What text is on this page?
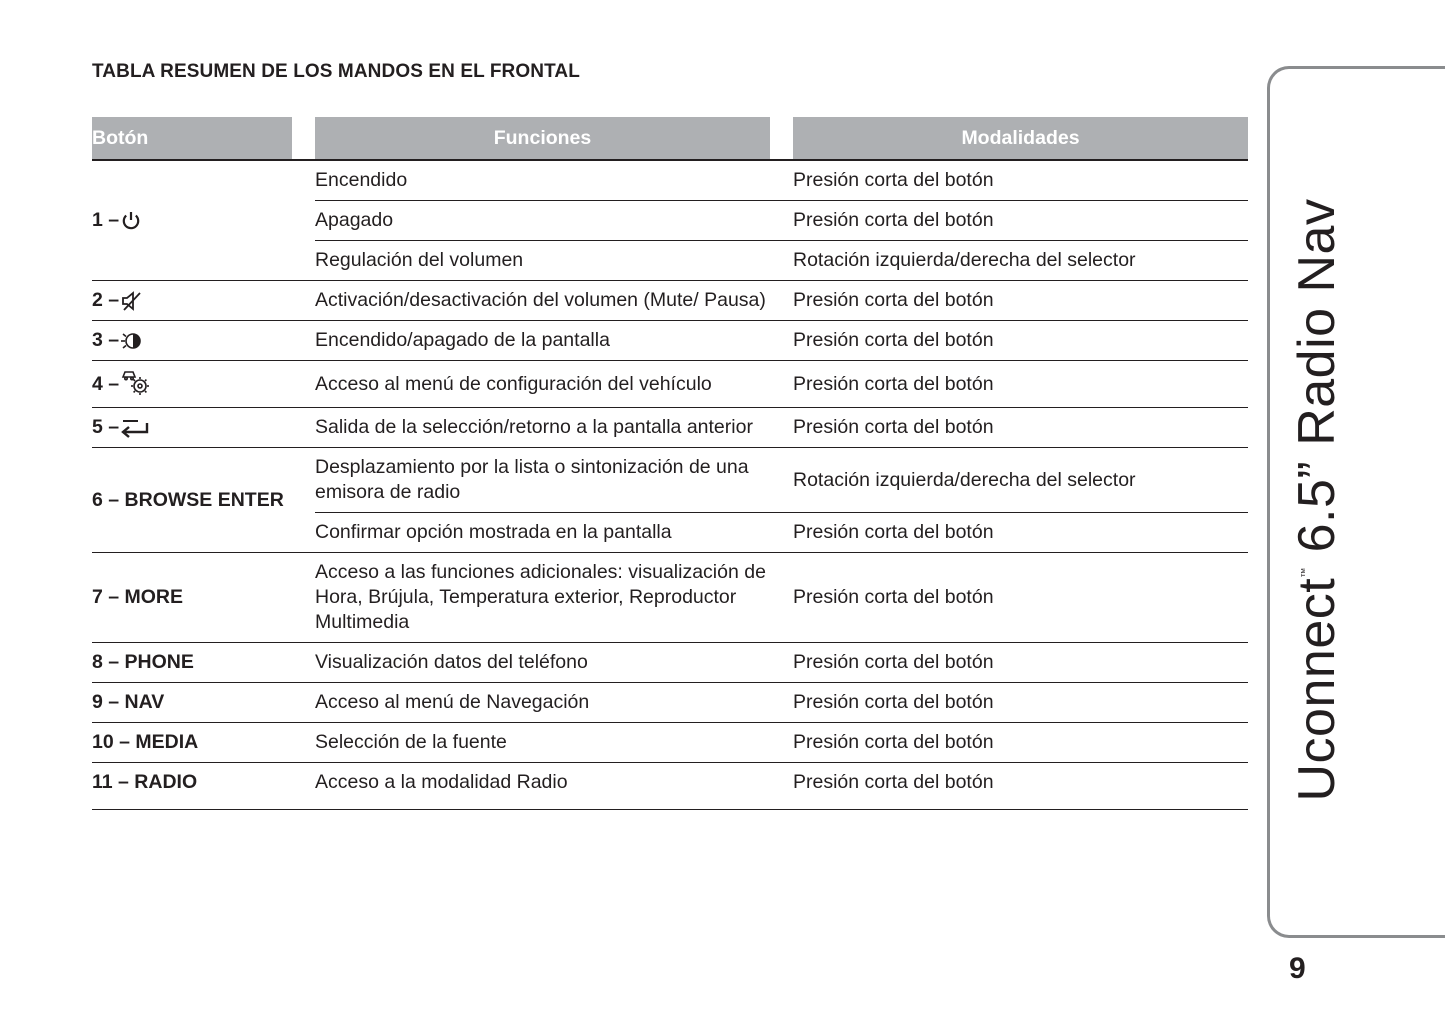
TABLA RESUMEN DE LOS MANDOS EN EL FRONTAL
Botón	Funciones	Modalidades

1 –	Encendido	Presión corta del botón
	Apagado	Presión corta del botón
	Regulación del volumen	Rotación izquierda/derecha del selector

2 –	Activación/desactivación del volumen (Mute/ Pausa)	Presión corta del botón

3 –	Encendido/apagado de la pantalla	Presión corta del botón

4 –	Acceso al menú de configuración del vehículo	Presión corta del botón

5 –	Salida de la selección/retorno a la pantalla anterior	Presión corta del botón

6 – BROWSE ENTER	Desplazamiento por la lista o sintonización de una emisora de radio	Rotación izquierda/derecha del selector
	Confirmar opción mostrada en la pantalla	Presión corta del botón

7 – MORE	Acceso a las funciones adicionales: visualización de Hora, Brújula, Temperatura exterior, Reproductor Multimedia	Presión corta del botón

8 – PHONE	Visualización datos del teléfono	Presión corta del botón

9 – NAV	Acceso al menú de Navegación	Presión corta del botón

10 – MEDIA	Selección de la fuente	Presión corta del botón

11 – RADIO	Acceso a la modalidad Radio	Presión corta del botón	Uconnect™ 6.5” Radio Nav
9
